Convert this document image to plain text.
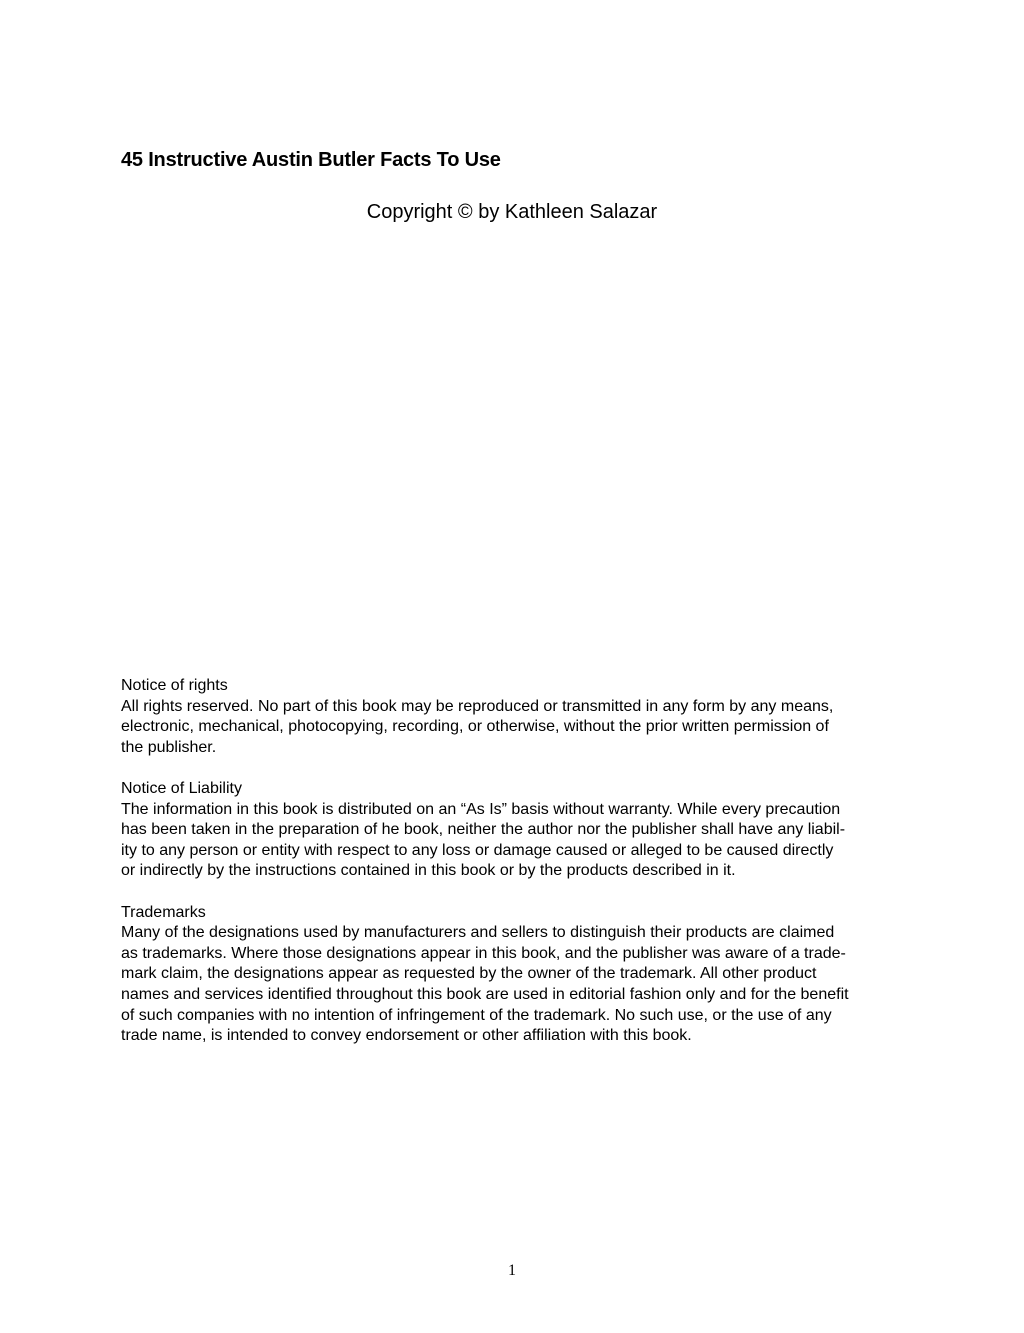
45 Instructive Austin Butler Facts To Use
Copyright © by Kathleen Salazar
Notice of rights
All rights reserved. No part of this book may be reproduced or transmitted in any form by any means,
electronic, mechanical, photocopying, recording, or otherwise, without the prior written permission of
the publisher.
Notice of Liability
The information in this book is distributed on an “As Is” basis without warranty. While every precaution
has been taken in the preparation of he book, neither the author nor the publisher shall have any liabil-
ity to any person or entity with respect to any loss or damage caused or alleged to be caused directly
or indirectly by the instructions contained in this book or by the products described in it.
Trademarks
Many of the designations used by manufacturers and sellers to distinguish their products are claimed
as trademarks. Where those designations appear in this book, and the publisher was aware of a trade-
mark claim, the designations appear as requested by the owner of the trademark. All other product
names and services identified throughout this book are used in editorial fashion only and for the benefit
of such companies with no intention of infringement of the trademark. No such use, or the use of any
trade name, is intended to convey endorsement or other affiliation with this book.
1
